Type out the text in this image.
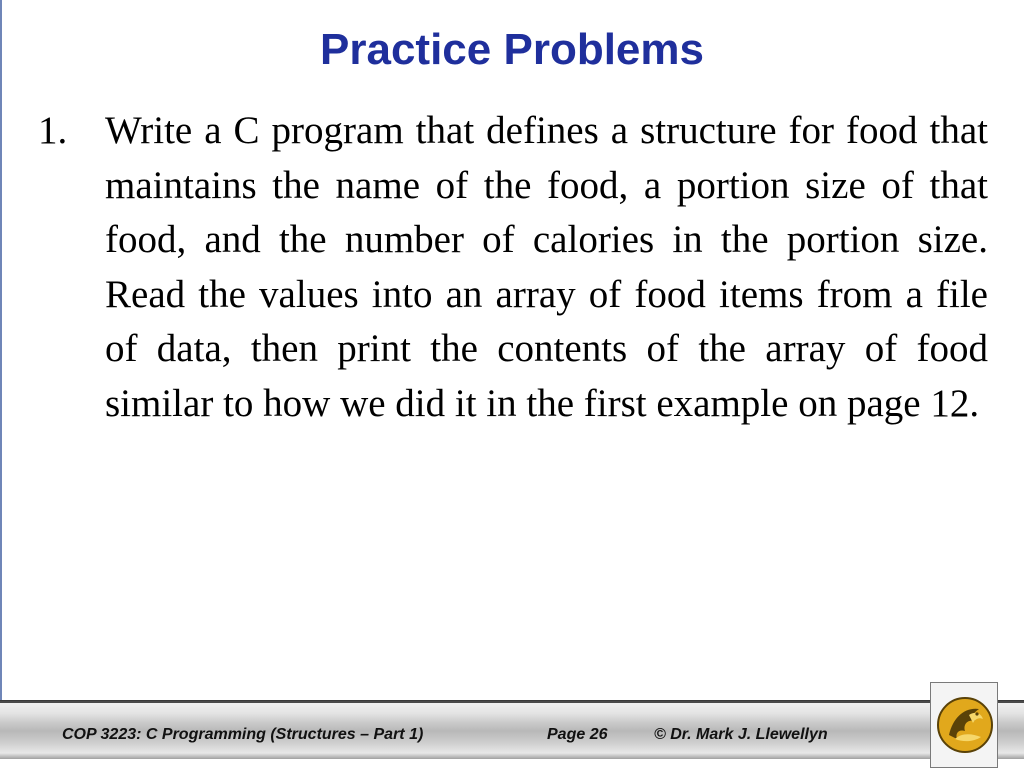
Practice Problems
1. Write a C program that defines a structure for food that maintains the name of the food, a portion size of that food, and the number of calories in the portion size. Read the values into an array of food items from a file of data, then print the contents of the array of food similar to how we did it in the first example on page 12.
COP 3223: C Programming (Structures – Part 1)	Page 26	© Dr. Mark J. Llewellyn
